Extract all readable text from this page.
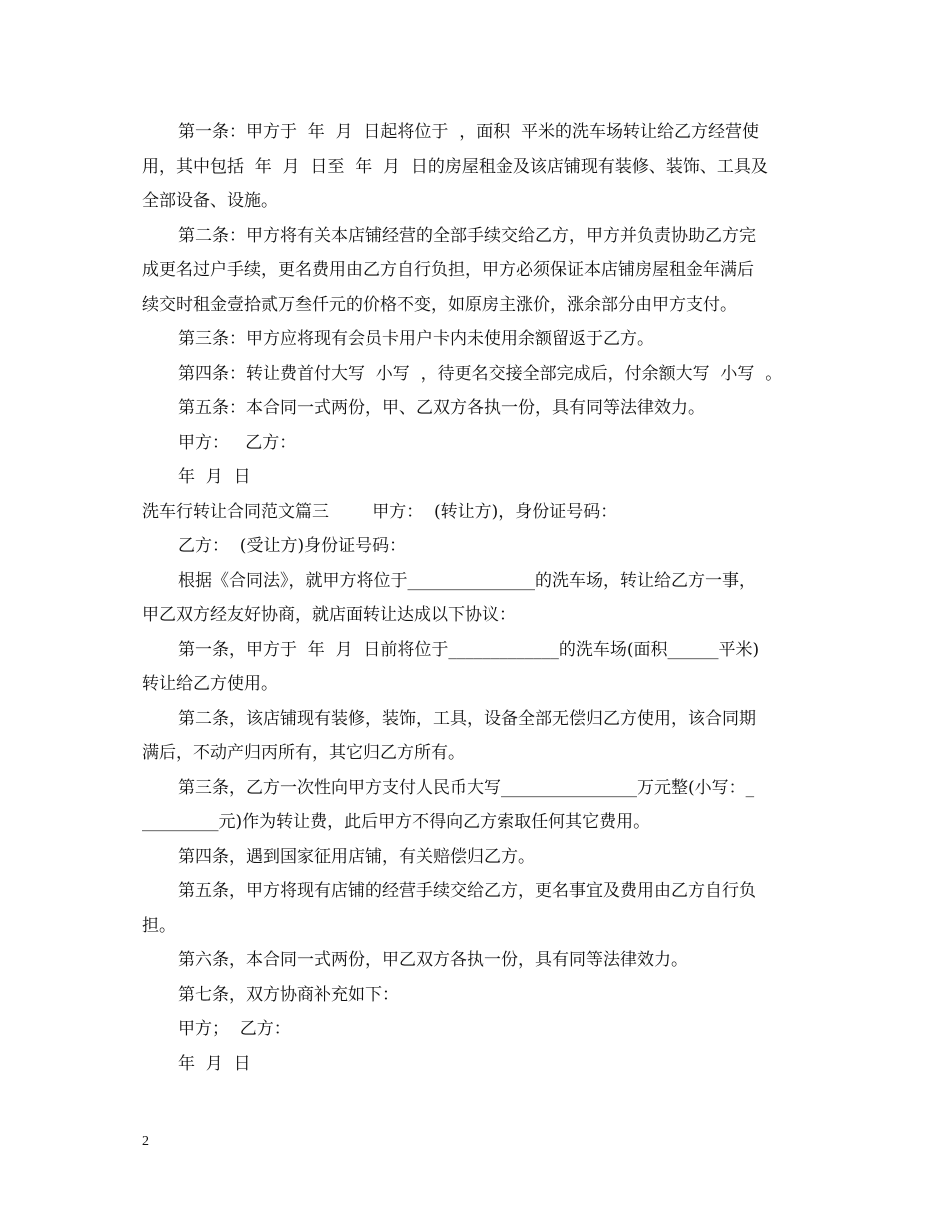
第一条：甲方于  年  月  日起将位于  ，面积  平米的洗车场转让给乙方经营使
用，其中包括  年  月  日至  年  月  日的房屋租金及该店铺现有装修、装饰、工具及
全部设备、设施。
第二条：甲方将有关本店铺经营的全部手续交给乙方，甲方并负责协助乙方完
成更名过户手续，更名费用由乙方自行负担，甲方必须保证本店铺房屋租金年满后
续交时租金壹拾贰万叁仟元的价格不变，如原房主涨价，涨余部分由甲方支付。
第三条：甲方应将现有会员卡用户卡内未使用余额留返于乙方。
第四条：转让费首付大写  小写  ，待更名交接全部完成后，付余额大写  小写  。
第五条：本合同一式两份，甲、乙双方各执一份，具有同等法律效力。
甲方：   乙方：
年  月  日
洗车行转让合同范文篇三        甲方：  (转让方)，身份证号码：
乙方：  (受让方)身份证号码：
根据《合同法》，就甲方将位于_______________的洗车场，转让给乙方一事，
甲乙双方经友好协商，就店面转让达成以下协议：
第一条，甲方于  年  月  日前将位于_____________的洗车场(面积______平米)
转让给乙方使用。
第二条，该店铺现有装修，装饰，工具，设备全部无偿归乙方使用，该合同期
满后，不动产归丙所有，其它归乙方所有。
第三条，乙方一次性向甲方支付人民币大写________________万元整(小写：_
_________元)作为转让费，此后甲方不得向乙方索取任何其它费用。
第四条，遇到国家征用店铺，有关赔偿归乙方。
第五条，甲方将现有店铺的经营手续交给乙方，更名事宜及费用由乙方自行负
担。
第六条，本合同一式两份，甲乙双方各执一份，具有同等法律效力。
第七条，双方协商补充如下：
甲方；  乙方：
年  月  日
2
